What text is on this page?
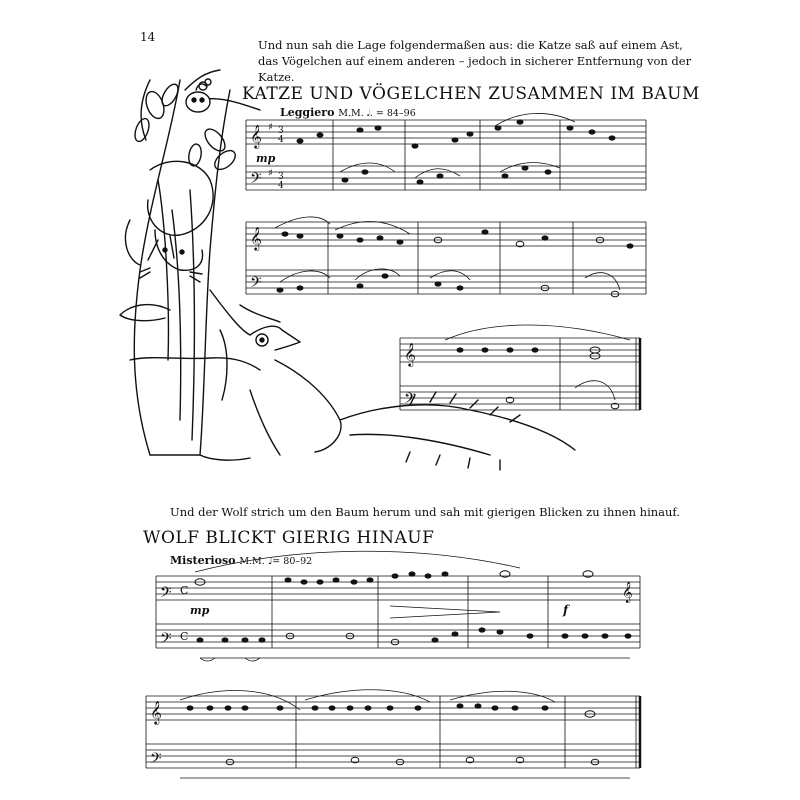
14
Und nun sah die Lage folgendermaßen aus: die Katze saß auf einem Ast,
das Vögelchen auf einem anderen – jedoch in sicherer Entfernung von der
Katze.
KATZE UND VÖGELCHEN ZUSAMMEN IM BAUM
Leggiero M.M. 𝅗𝅥. = 84–96
Und der Wolf strich um den Baum herum und sah mit gierigen Blicken zu ihnen hinauf.
WOLF BLICKT GIERIG HINAUF
Misterioso M.M. ♩= 80–92
𝄞
𝄢
♯
♯
3
4
3
4
mp
𝄞
𝄢
𝄞
𝄢
𝄢
𝄢
C
C
mp	f
𝄞
𝄞
𝄢
